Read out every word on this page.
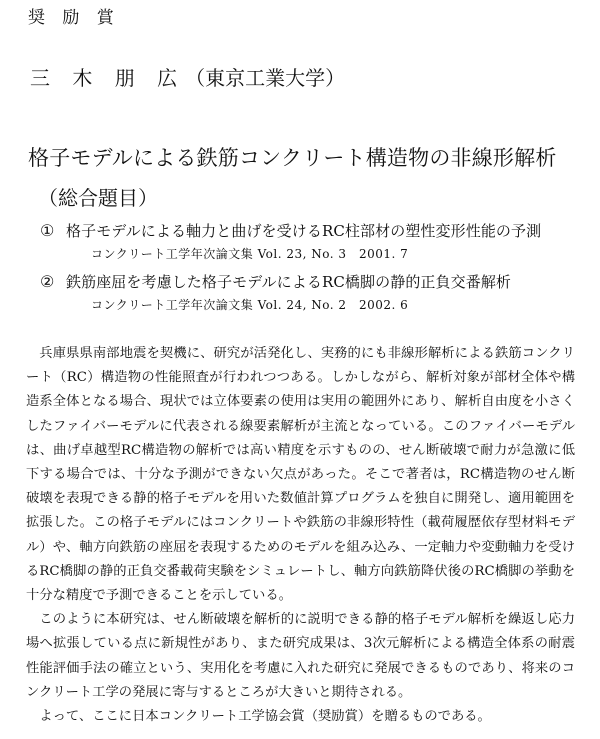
奨 励 賞
三 木 朋 広（東京工業大学）
格子モデルによる鉄筋コンクリート構造物の非線形解析
（総合題目）
① 格子モデルによる軸力と曲げを受けるRC柱部材の塑性変形性能の予測
コンクリート工学年次論文集 Vol. 23, No. 3　2001. 7
② 鉄筋座屈を考慮した格子モデルによるRC橋脚の静的正負交番解析
コンクリート工学年次論文集 Vol. 24, No. 2　2002. 6

兵庫県県南部地震を契機に、研究が活発化し、実務的にも非線形解析による鉄筋コンクリート（RC）構造物の性能照査が行われつつある。しかしながら、解析対象が部材全体や構造系全体となる場合、現状では立体要素の使用は実用の範囲外にあり、解析自由度を小さくしたファイバーモデルに代表される線要素解析が主流となっている。このファイバーモデルは、曲げ卓越型RC構造物の解析では高い精度を示すものの、せん断破壊で耐力が急激に低下する場合では、十分な予測ができない欠点があった。そこで著者は，RC構造物のせん断破壊を表現できる静的格子モデルを用いた数値計算プログラムを独自に開発し、適用範囲を拡張した。この格子モデルにはコンクリートや鉄筋の非線形特性（載荷履歴依存型材料モデル）や、軸方向鉄筋の座屈を表現するためのモデルを組み込み、一定軸力や変動軸力を受けるRC橋脚の静的正負交番載荷実験をシミュレートし、軸方向鉄筋降伏後のRC橋脚の挙動を十分な精度で予測できることを示している。

このように本研究は、せん断破壊を解析的に説明できる静的格子モデル解析を繰返し応力場へ拡張している点に新規性があり、また研究成果は、3次元解析による構造全体系の耐震性能評価手法の確立という、実用化を考慮に入れた研究に発展できるものであり、将来のコンクリート工学の発展に寄与するところが大きいと期待される。

よって、ここに日本コンクリート工学協会賞（奨励賞）を贈るものである。
